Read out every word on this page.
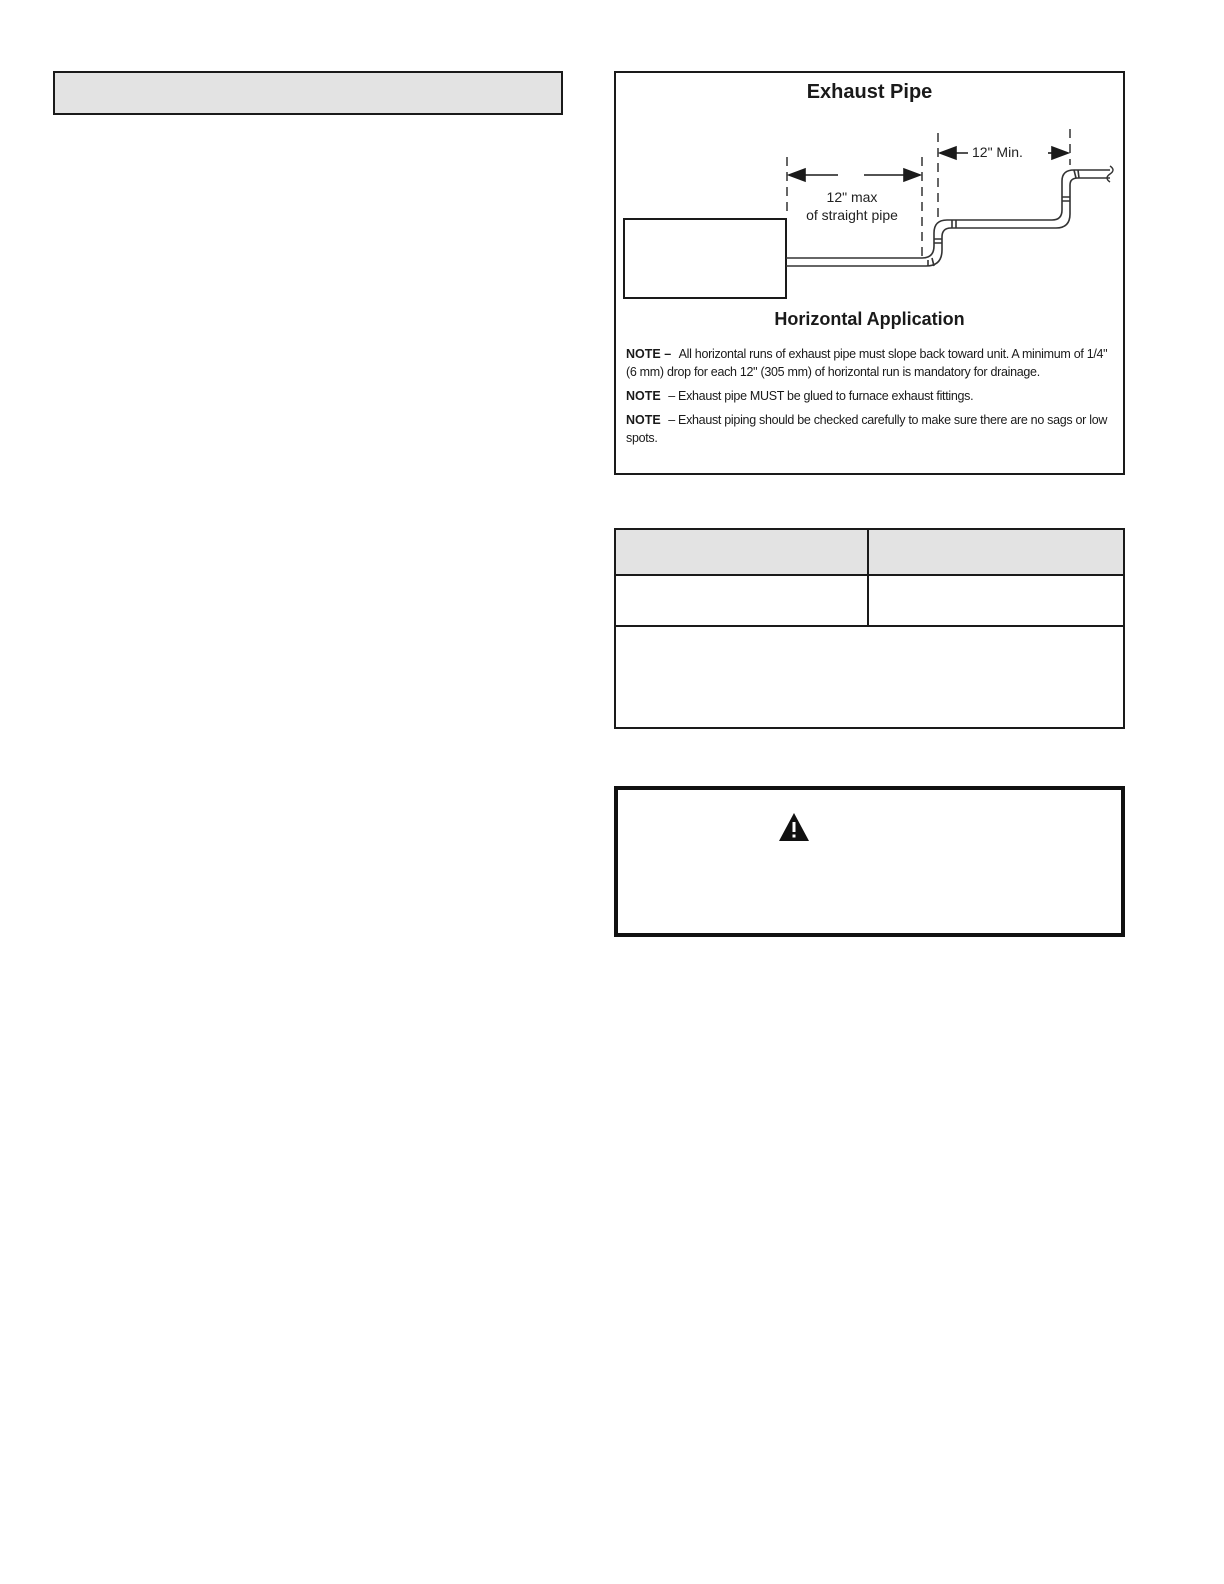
Exhaust Pipe
12" Min.
12" max
of straight pipe
Horizontal Application
NOTE – All horizontal runs of exhaust pipe must slope back toward unit. A minimum of 1/4" (6 mm) drop for each 12" (305 mm) of horizontal run is mandatory for drainage.
NOTE – Exhaust pipe MUST be glued to furnace exhaust fittings.
NOTE – Exhaust piping should be checked carefully to make sure there are no sags or low spots.
